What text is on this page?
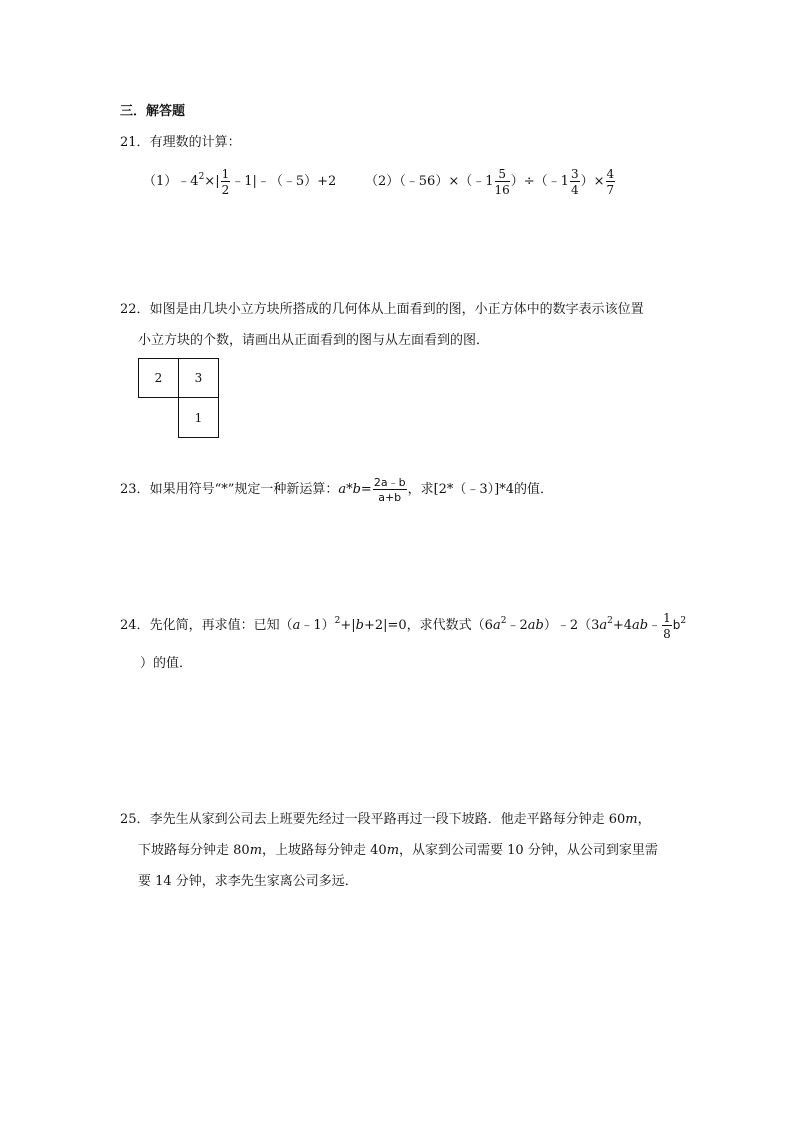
三．解答题
21．有理数的计算：
$(1)﹣4^2\times| \frac{1}{2}$ ﹣1|﹣（﹣5）+2 （2）（﹣56）×（﹣1 $\frac{5}{16}$ ）÷（﹣1 $\frac{3}{4}$ ）× $\frac{4}{7}$
22．如图是由几块小立方块所搭成的几何体从上面看到的图，小正方体中的数字表示该位置
小立方块的个数，请画出从正面看到的图与从左面看到的图．
2	3
1
23．如果用符号“*”规定一种新运算：$a*b= \frac{2a﹣b}{a+b}$ ，求[2*（﹣3）]*4的值．
24．先化简，再求值：已知（a﹣1）$^2$+|b+2|=0，求代数式$(6a^2﹣2ab)﹣2(3a^2+4ab﹣ \frac{1}{8} b^2$
）的值．
25．李先生从家到公司去上班要先经过一段平路再过一段下坡路．他走平路每分钟走 60m，
下坡路每分钟走 80m，上坡路每分钟走 40m，从家到公司需要 10 分钟，从公司到家里需
要 14 分钟，求李先生家离公司多远．
